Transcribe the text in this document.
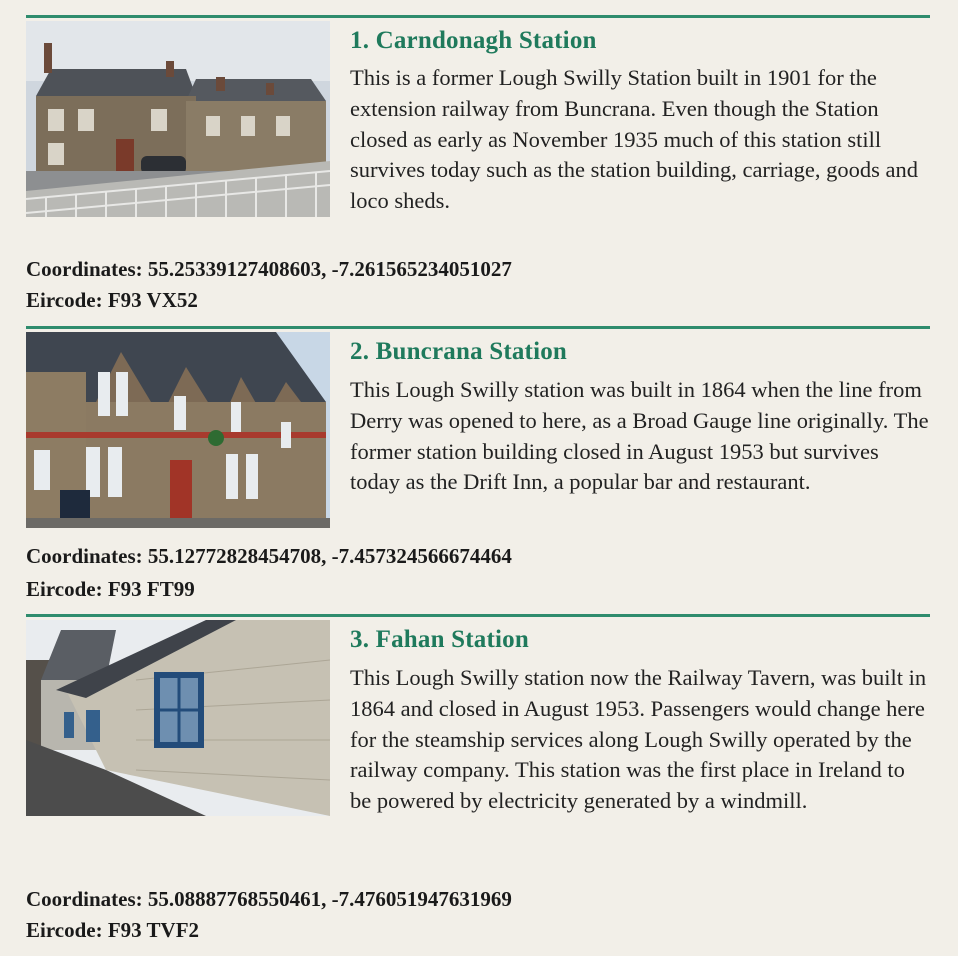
1. Carndonagh Station

This is a former Lough Swilly Station built in 1901 for the extension railway from Buncrana. Even though the Station closed as early as November 1935 much of this station still survives today such as the station building, carriage, goods and loco sheds.

Coordinates: 55.25339127408603, -7.261565234051027
Eircode: F93 VX52
2. Buncrana Station

This Lough Swilly station was built in 1864 when the line from Derry was opened to here, as a Broad Gauge line originally. The former station building closed in August 1953 but survives today as the Drift Inn, a popular bar and restaurant.

Coordinates: 55.12772828454708, -7.457324566674464
Eircode: F93 FT99
3. Fahan Station

This Lough Swilly station now the Railway Tavern, was built in 1864 and closed in August 1953. Passengers would change here for the steamship services along Lough Swilly operated by the railway company. This station was the first place in Ireland to be powered by electricity generated by a windmill.

Coordinates: 55.08887768550461, -7.476051947631969
Eircode: F93 TVF2
